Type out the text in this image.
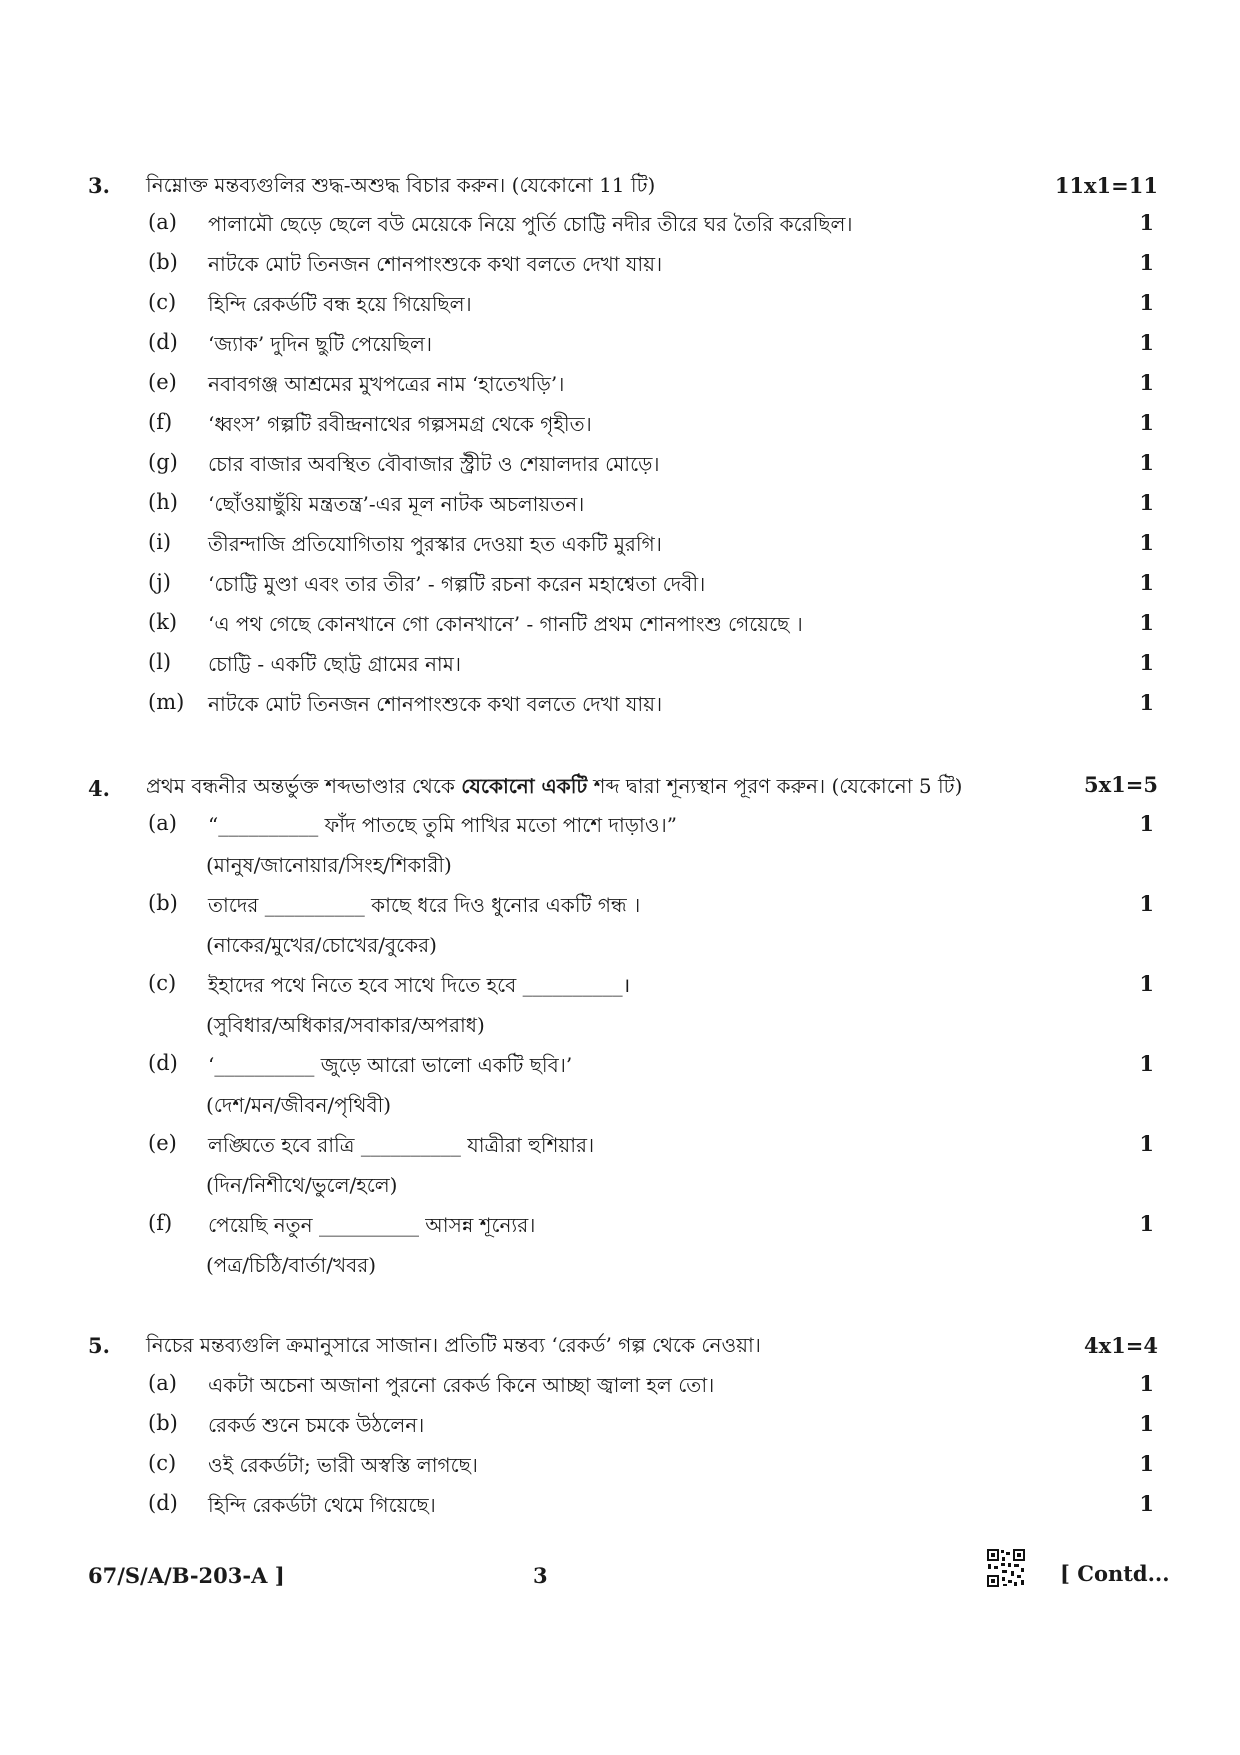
3. নিম্নোক্ত মন্তব্যগুলির শুদ্ধ-অশুদ্ধ বিচার করুন। (যেকোনো 11 টি)	11x1=11
(a) পালামৌ ছেড়ে ছেলে বউ মেয়েকে নিয়ে পুর্তি চোট্টি নদীর তীরে ঘর তৈরি করেছিল।	1
(b) নাটকে মোট তিনজন শোনপাংশুকে কথা বলতে দেখা যায়।	1
(c) হিন্দি রেকর্ডটি বন্ধ হয়ে গিয়েছিল।	1
(d) ‘জ্যাক’ দুদিন ছুটি পেয়েছিল।	1
(e) নবাবগঞ্জ আশ্রমের মুখপত্রের নাম ‘হাতেখড়ি’।	1
(f) ‘ধ্বংস’ গল্পটি রবীন্দ্রনাথের গল্পসমগ্র থেকে গৃহীত।	1
(g) চোর বাজার অবস্থিত বৌবাজার স্ট্রীট ও শেয়ালদার মোড়ে।	1
(h) ‘ছোঁওয়াছুঁয়ি মন্ত্রতন্ত্র’-এর মূল নাটক অচলায়তন।	1
(i) তীরন্দাজি প্রতিযোগিতায় পুরস্কার দেওয়া হত একটি মুরগি।	1
(j) ‘চোট্টি মুণ্ডা এবং তার তীর’ - গল্পটি রচনা করেন মহাশ্বেতা দেবী।	1
(k) ‘এ পথ গেছে কোনখানে গো কোনখানে’ - গানটি প্রথম শোনপাংশু গেয়েছে ।	1
(l) চোট্টি - একটি ছোট্ট গ্রামের নাম।	1
(m) নাটকে মোট তিনজন শোনপাংশুকে কথা বলতে দেখা যায়।	1
4. প্রথম বন্ধনীর অন্তর্ভুক্ত শব্দভাণ্ডার থেকে যেকোনো একটি শব্দ দ্বারা শূন্যস্থান পূরণ করুন। (যেকোনো 5 টি)	5x1=5
(a) “__________ ফাঁদ পাতছে তুমি পাখির মতো পাশে দাড়াও।”	1
(মানুষ/জানোয়ার/সিংহ/শিকারী)
(b) তাদের __________ কাছে ধরে দিও ধুনোর একটি গন্ধ ।	1
(নাকের/মুখের/চোখের/বুকের)
(c) ইহাদের পথে নিতে হবে সাথে দিতে হবে __________।	1
(সুবিধার/অধিকার/সবাকার/অপরাধ)
(d) ‘__________ জুড়ে আরো ভালো একটি ছবি।’	1
(দেশ/মন/জীবন/পৃথিবী)
(e) লঙ্ঘিতে হবে রাত্রি __________ যাত্রীরা হুশিয়ার।	1
(দিন/নিশীথে/ভুলে/হলে)
(f) পেয়েছি নতুন __________ আসন্ন শূন্যের।	1
(পত্র/চিঠি/বার্তা/খবর)
5. নিচের মন্তব্যগুলি ক্রমানুসারে সাজান। প্রতিটি মন্তব্য ‘রেকর্ড’ গল্প থেকে নেওয়া।	4x1=4
(a) একটা অচেনা অজানা পুরনো রেকর্ড কিনে আচ্ছা জ্বালা হল তো।	1
(b) রেকর্ড শুনে চমকে উঠলেন।	1
(c) ওই রেকর্ডটা; ভারী অস্বস্তি লাগছে।	1
(d) হিন্দি রেকর্ডটা থেমে গিয়েছে।	1
67/S/A/B-203-A ]	3	[ Contd...
